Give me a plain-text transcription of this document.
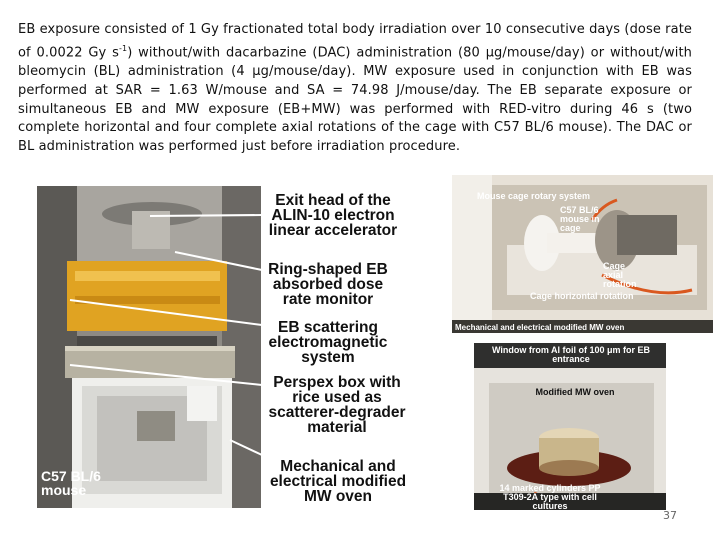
EB exposure consisted of 1 Gy fractionated total body irradiation over 10 consecutive days (dose rate of 0.0022 Gy $s^{-1}$) without/with dacarbazine (DAC) administration (80 μg/mouse/day) or without/with bleomycin (BL) administration (4 μg/mouse/day). MW exposure used in conjunction with EB was performed at SAR = 1.63 W/mouse and SA = 74.98 J/mouse/day. The EB separate exposure or simultaneous EB and MW exposure (EB+MW) was performed with RED-vitro during 46 s (two complete horizontal and four complete axial rotations of the cage with C57 BL/6 mouse). The DAC or BL administration was performed just before irradiation procedure.
C57 BL/6 mouse
Exit head of the ALIN-10 electron linear accelerator
Ring-shaped EB absorbed dose rate monitor
EB scattering electromagnetic system
Perspex box with rice used as scatterer-degrader material
Mechanical and electrical modified MW oven
Mouse cage rotary system
C57 BL/6 mouse in cage
Cage axial rotation
Cage horizontal rotation
Mechanical and electrical modified MW oven
Window from Al foil of 100 μm for EB entrance
Modified MW oven
14 marked cylinders PP T309-2A type with cell cultures
37
